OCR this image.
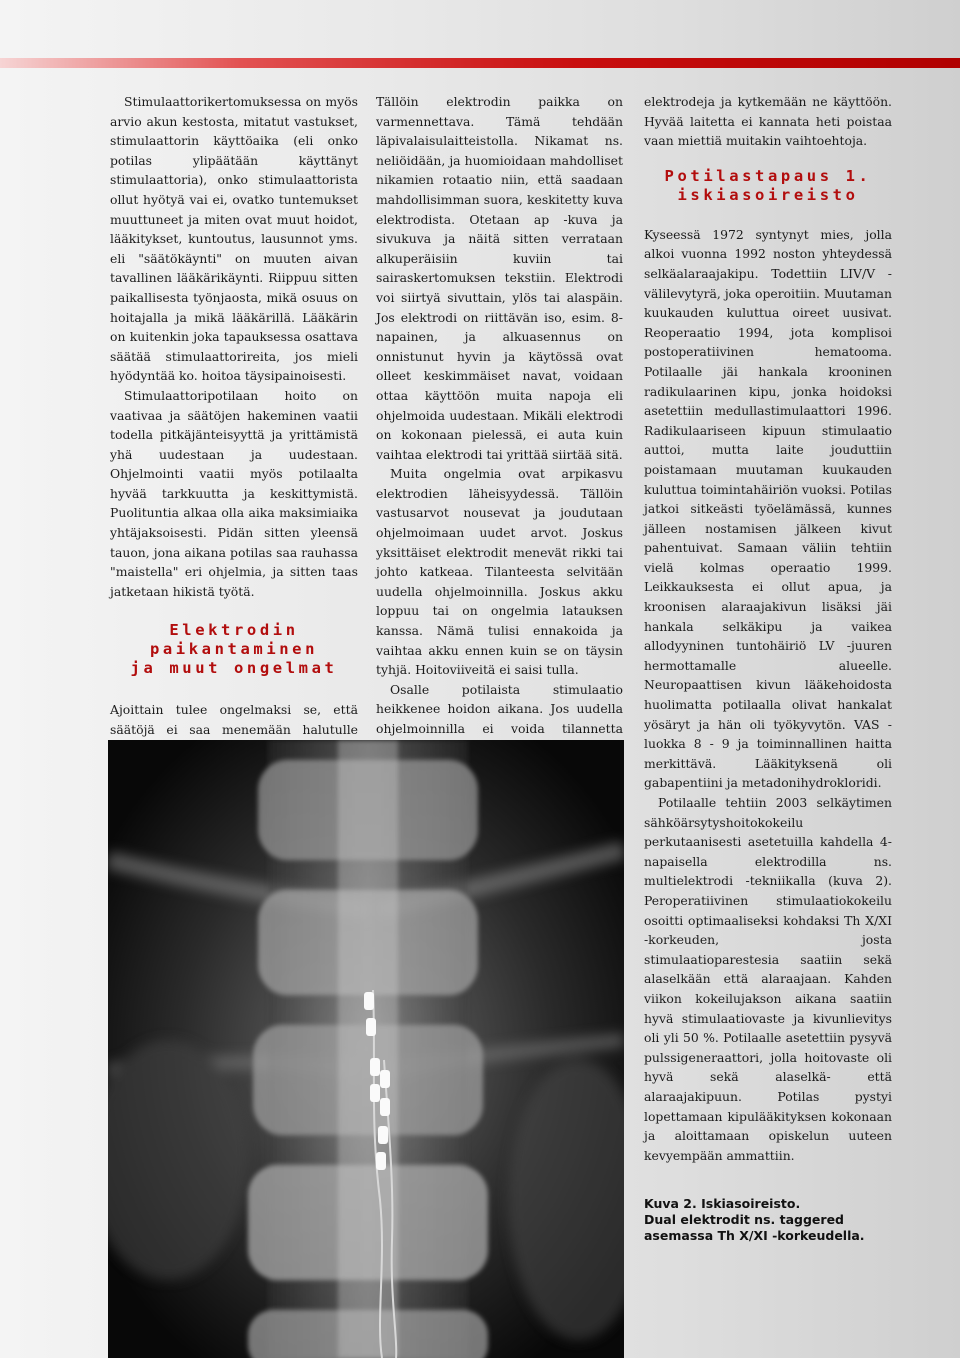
Stimulaattorikertomuksessa on myös arvio akun kestosta, mitatut vastukset, stimulaattorin käyttöaika (eli onko potilas ylipäätään käyttänyt stimulaattoria), onko stimulaattorista ollut hyötyä vai ei, ovatko tuntemukset muuttuneet ja miten ovat muut hoidot, lääkitykset, kuntoutus, lausunnot yms. eli "säätökäynti" on muuten aivan tavallinen lääkärikäynti. Riippuu sitten paikallisesta työnjaosta, mikä osuus on hoitajalla ja mikä lääkärillä. Lääkärin on kuitenkin joka tapauksessa osattava säätää stimulaattorireita, jos mieli hyödyntää ko. hoitoa täysipainoisesti.

Stimulaattoripotilaan hoito on vaativaa ja säätöjen hakeminen vaatii todella pitkäjänteisyyttä ja yrittämistä yhä uudestaan ja uudestaan. Ohjelmointi vaatii myös potilaalta hyvää tarkkuutta ja keskittymistä. Puolituntia alkaa olla aika maksimiaika yhtäjaksoisesti. Pidän sitten yleensä tauon, jona aikana potilas saa rauhassa "maistella" eri ohjelmia, ja sitten taas jatketaan hikistä työtä.

Elektrodin paikantaminen
ja muut ongelmat

Ajoittain tulee ongelmaksi se, että säätöjä ei saa menemään halutulle

Tällöin elektrodin paikka on varmennettava. Tämä tehdään läpivalaisulaitteistolla. Nikamat ns. neliöidään, ja huomioidaan mahdolliset nikamien rotaatio niin, että saadaan mahdollisimman suora, keskitetty kuva elektrodista. Otetaan ap -kuva ja sivukuva ja näitä sitten verrataan alkuperäisiin kuviin tai sairaskertomuksen tekstiin. Elektrodi voi siirtyä sivuttain, ylös tai alaspäin. Jos elektrodi on riittävän iso, esim. 8-napainen, ja alkuasennus on onnistunut hyvin ja käytössä ovat olleet keskimmäiset navat, voidaan ottaa käyttöön muita napoja eli ohjelmoida uudestaan. Mikäli elektrodi on kokonaan pielessä, ei auta kuin vaihtaa elektrodi tai yrittää siirtää sitä.

Muita ongelmia ovat arpikasvu elektrodien läheisyydessä. Tällöin vastusarvot nousevat ja joudutaan ohjelmoimaan uudet arvot. Joskus yksittäiset elektrodit menevät rikki tai johto katkeaa. Tilanteesta selvitään uudella ohjelmoinnilla. Joskus akku loppuu tai on ongelmia latauksen kanssa. Nämä tulisi ennakoida ja vaihtaa akku ennen kuin se on täysin tyhjä. Hoitoviiveitä ei saisi tulla.

Osalle potilaista stimulaatio heikkenee hoidon aikana. Jos uudella ohjelmoinnilla ei voida tilannetta

elektrodeja ja kytkemään ne käyttöön. Hyvää laitetta ei kannata heti poistaa vaan miettiä muitakin vaihtoehtoja.

Potilastapaus 1.
iskiasoireisto

Kyseessä 1972 syntynyt mies, jolla alkoi vuonna 1992 noston yhteydessä selkäalaraajakipu. Todettiin LIV/V -välilevytyrä, joka operoitiin. Muutaman kuukauden kuluttua oireet uusivat. Reoperaatio 1994, jota komplisoi postoperatiivinen hematooma. Potilaalle jäi hankala krooninen radikulaarinen kipu, jonka hoidoksi asetettiin medullastimulaattori 1996. Radikulaariseen kipuun stimulaatio auttoi, mutta laite jouduttiin poistamaan muutaman kuukauden kuluttua toimintahäiriön vuoksi. Potilas jatkoi sitkeästi työelämässä, kunnes jälleen nostamisen jälkeen kivut pahentuivat. Samaan väliin tehtiin vielä kolmas operaatio 1999. Leikkauksesta ei ollut apua, ja kroonisen alaraajakivun lisäksi jäi hankala selkäkipu ja vaikea allodyyninen tuntohäiriö LV -juuren hermottamalle alueelle. Neuropaattisen kivun lääkehoidosta huolimatta potilaalla olivat hankalat yösäryt ja hän oli työkyvytön. VAS -luokka 8 - 9 ja toiminnallinen haitta merkittävä. Lääkityksenä oli gabapentiini ja metadonihydrokloridi.

Potilaalle tehtiin 2003 selkäytimen sähköärsytyshoitokokeilu perkutaanisesti asetetuilla kahdella 4-napaisella elektrodilla ns. multielektrodi -tekniikalla (kuva 2). Peroperatiivinen stimulaatiokokeilu osoitti optimaaliseksi kohdaksi Th X/XI -korkeuden, josta stimulaatioparestesia saatiin sekä alaselkään että alaraajaan. Kahden viikon kokeilujakson aikana saatiin hyvä stimulaatiovaste ja kivunlievitys oli yli 50 %. Potilaalle asetettiin pysyvä pulssigeneraattori, jolla hoitovaste oli hyvä sekä alaselkä- että alaraajakipuun. Potilas pystyi lopettamaan kipulääkityksen kokonaan ja aloittamaan opiskelun uuteen kevyempään ammattiin.

Kuva 2. Iskiasoireisto.
Dual elektrodit ns. taggered
asemassa Th X/XI -korkeudella.
